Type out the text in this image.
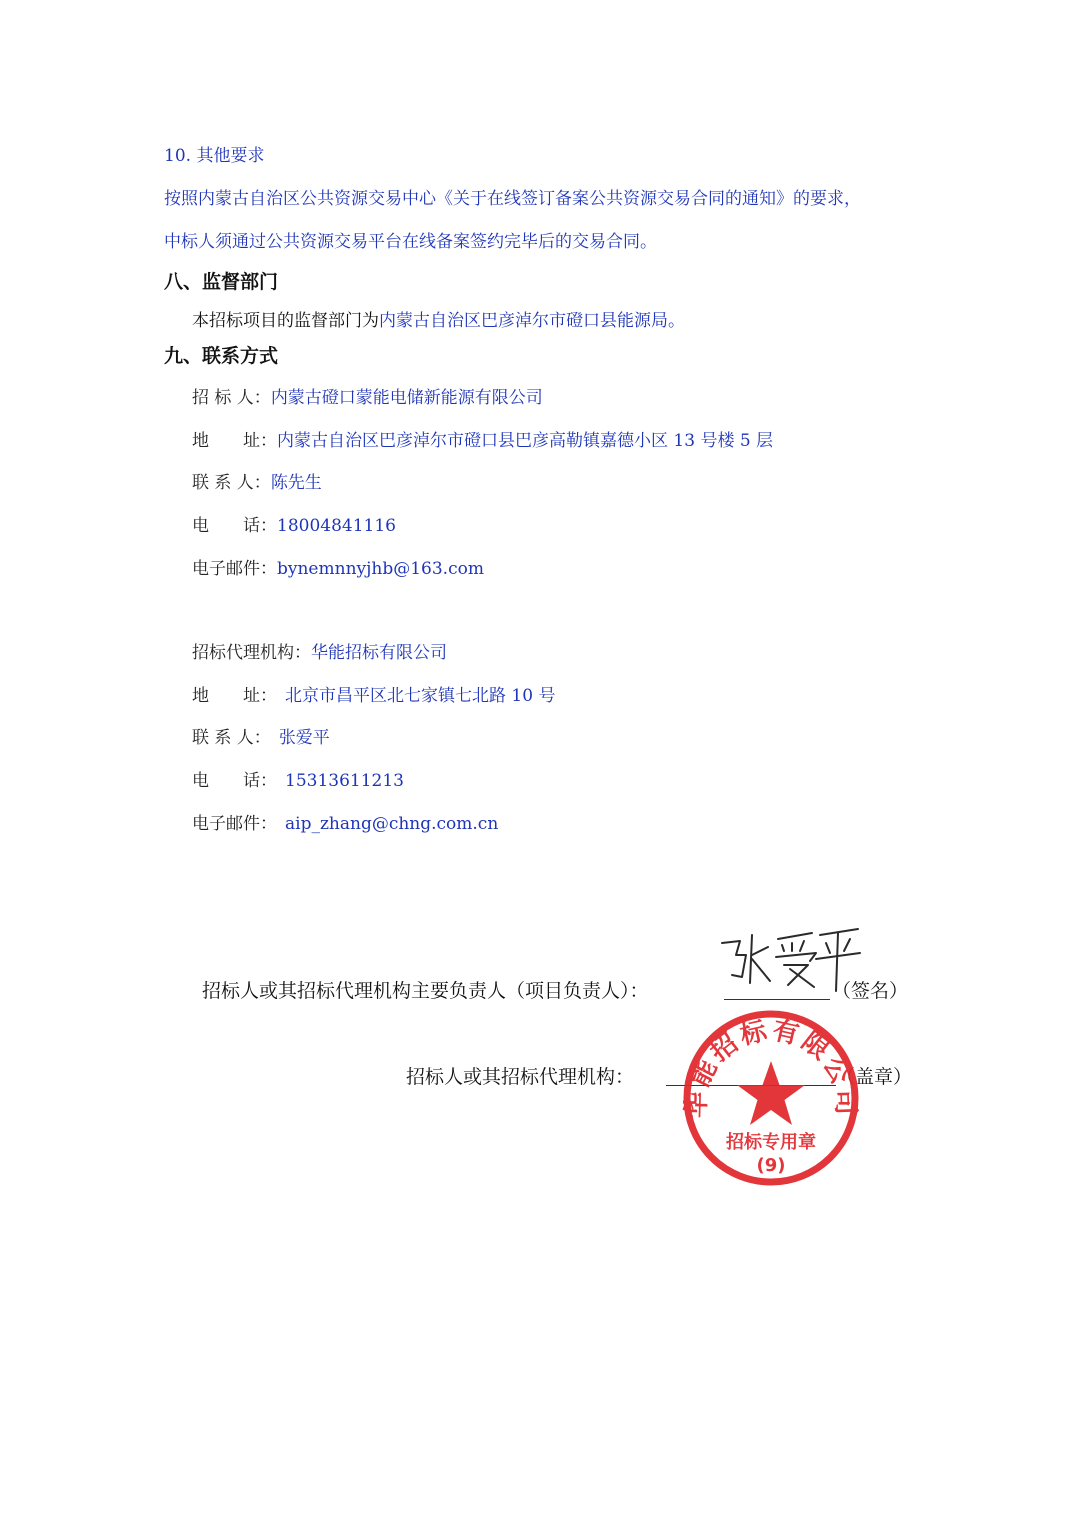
10. 其他要求
按照内蒙古自治区公共资源交易中心《关于在线签订备案公共资源交易合同的通知》的要求，
中标人须通过公共资源交易平台在线备案签约完毕后的交易合同。
八、监督部门
本招标项目的监督部门为内蒙古自治区巴彦淖尔市磴口县能源局。
九、联系方式
招 标 人：内蒙古磴口蒙能电储新能源有限公司
地　　址：内蒙古自治区巴彦淖尔市磴口县巴彦高勒镇嘉德小区 13 号楼 5 层
联 系 人：陈先生
电　　话：18004841116
电子邮件：bynemnnyjhb@163.com
招标代理机构：华能招标有限公司
地　　址： 北京市昌平区北七家镇七北路 10 号
联 系 人： 张爱平
电　　话： 15313611213
电子邮件： aip_zhang@chng.com.cn
招标人或其招标代理机构主要负责人（项目负责人）：	（签名）
招标人或其招标代理机构：	（盖章）
华能招标有限公司
招标专用章
(9)
